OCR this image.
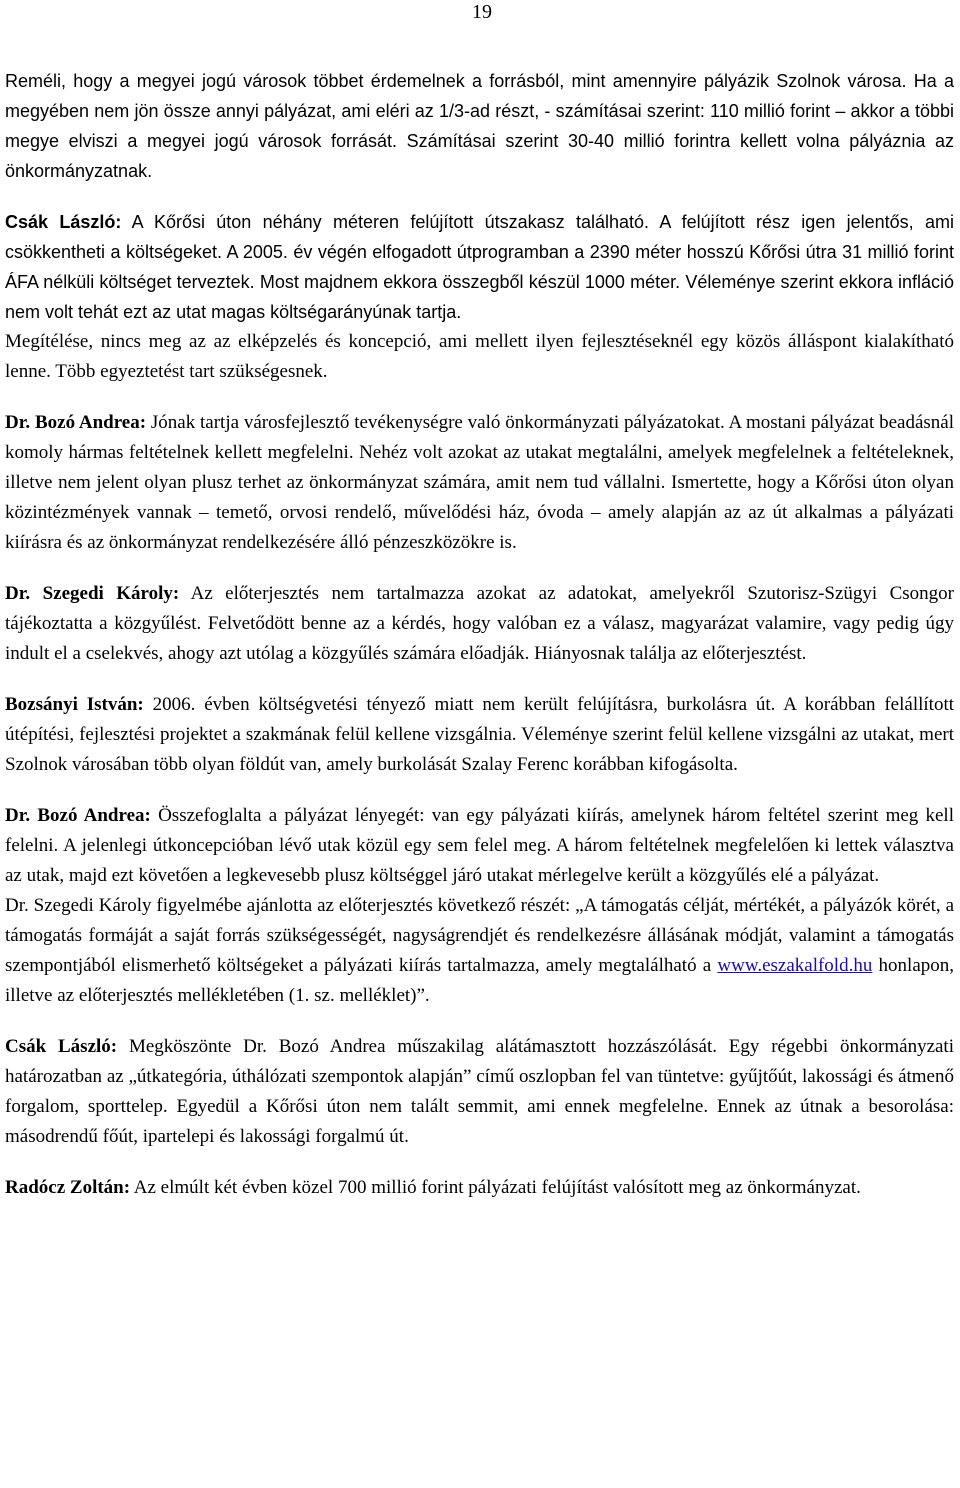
19

Reméli, hogy a megyei jogú városok többet érdemelnek a forrásból, mint amennyire pályázik Szolnok városa. Ha a megyében nem jön össze annyi pályázat, ami eléri az 1/3-ad részt, - számításai szerint: 110 millió forint – akkor a többi megye elviszi a megyei jogú városok forrását. Számításai szerint 30-40 millió forintra kellett volna pályáznia az önkormányzatnak.

Csák László: A Kőrősi úton néhány méteren felújított útszakasz található. A felújított rész igen jelentős, ami csökkentheti a költségeket. A 2005. év végén elfogadott útprogramban a 2390 méter hosszú Kőrősi útra 31 millió forint ÁFA nélküli költséget terveztek. Most majdnem ekkora összegből készül 1000 méter. Véleménye szerint ekkora infláció nem volt tehát ezt az utat magas költségarányúnak tartja.
Megítélése, nincs meg az az elképzelés és koncepció, ami mellett ilyen fejlesztéseknél egy közös álláspont kialakítható lenne. Több egyeztetést tart szükségesnek.

Dr. Bozó Andrea: Jónak tartja városfejlesztő tevékenységre való önkormányzati pályázatokat. A mostani pályázat beadásnál komoly hármas feltételnek kellett megfelelni. Nehéz volt azokat az utakat megtalálni, amelyek megfelelnek a feltételeknek, illetve nem jelent olyan plusz terhet az önkormányzat számára, amit nem tud vállalni. Ismertette, hogy a Kőrősi úton olyan közintézmények vannak – temető, orvosi rendelő, művelődési ház, óvoda – amely alapján az az út alkalmas a pályázati kiírásra és az önkormányzat rendelkezésére álló pénzeszközökre is.

Dr. Szegedi Károly: Az előterjesztés nem tartalmazza azokat az adatokat, amelyekről Szutorisz-Szügyi Csongor tájékoztatta a közgyűlést. Felvetődött benne az a kérdés, hogy valóban ez a válasz, magyarázat valamire, vagy pedig úgy indult el a cselekvés, ahogy azt utólag a közgyűlés számára előadják. Hiányosnak találja az előterjesztést.

Bozsányi István: 2006. évben költségvetési tényező miatt nem került felújításra, burkolásra út. A korábban felállított útépítési, fejlesztési projektet a szakmának felül kellene vizsgálnia. Véleménye szerint felül kellene vizsgálni az utakat, mert Szolnok városában több olyan földút van, amely burkolását Szalay Ferenc korábban kifogásolta.

Dr. Bozó Andrea: Összefoglalta a pályázat lényegét: van egy pályázati kiírás, amelynek három feltétel szerint meg kell felelni. A jelenlegi útkoncepcióban lévő utak közül egy sem felel meg. A három feltételnek megfelelően ki lettek választva az utak, majd ezt követően a legkevesebb plusz költséggel járó utakat mérlegelve került a közgyűlés elé a pályázat.
Dr. Szegedi Károly figyelmébe ajánlotta az előterjesztés következő részét: „A támogatás célját, mértékét, a pályázók körét, a támogatás formáját a saját forrás szükségességét, nagyságrendjét és rendelkezésre állásának módját, valamint a támogatás szempontjából elismerhető költségeket a pályázati kiírás tartalmazza, amely megtalálható a www.eszakalfold.hu honlapon, illetve az előterjesztés mellékletében (1. sz. melléklet)”.

Csák László: Megköszönte Dr. Bozó Andrea műszakilag alátámasztott hozzászólását. Egy régebbi önkormányzati határozatban az „útkategória, úthálózati szempontok alapján” című oszlopban fel van tüntetve: gyűjtőút, lakossági és átmenő forgalom, sporttelep. Egyedül a Kőrősi úton nem talált semmit, ami ennek megfelelne. Ennek az útnak a besorolása: másodrendű főút, ipartelepi és lakossági forgalmú út.

Radócz Zoltán: Az elmúlt két évben közel 700 millió forint pályázati felújítást valósított meg az önkormányzat.
